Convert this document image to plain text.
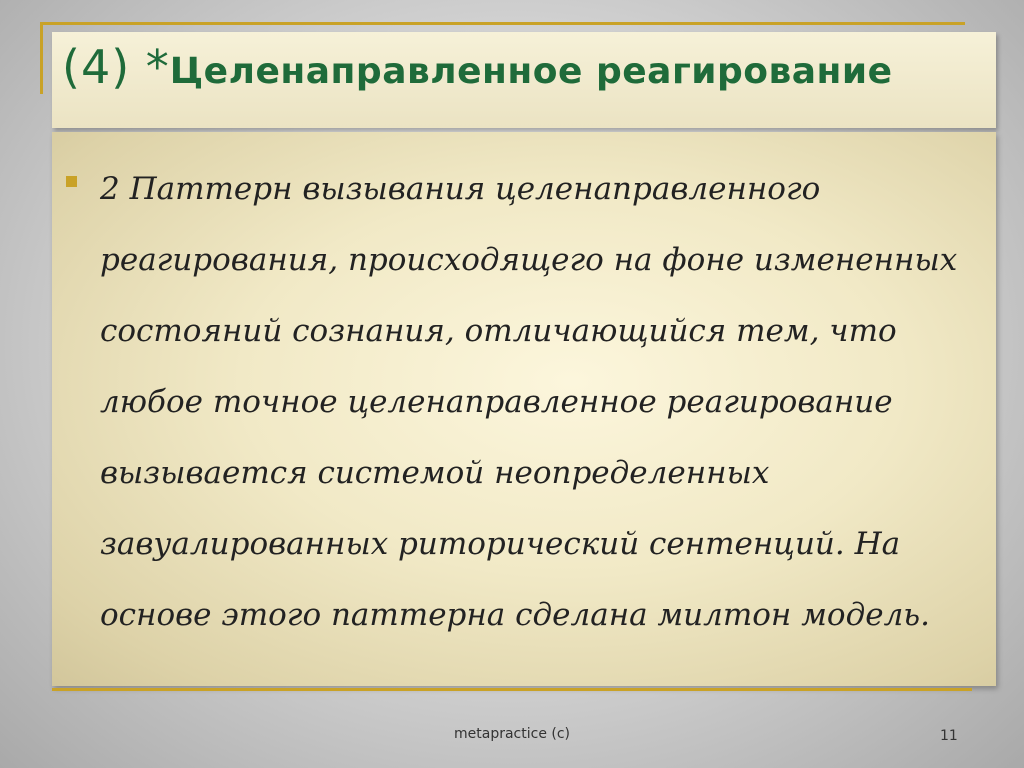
(4) *Целенаправленное реагирование

2 Паттерн вызывания целенаправленного
реагирования, происходящего на фоне измененных
состояний сознания, отличающийся тем, что
любое точное целенаправленное реагирование
вызывается системой неопределенных
завуалированных риторический сентенций. На
основе этого паттерна сделана милтон модель.

metapractice (c)	11
